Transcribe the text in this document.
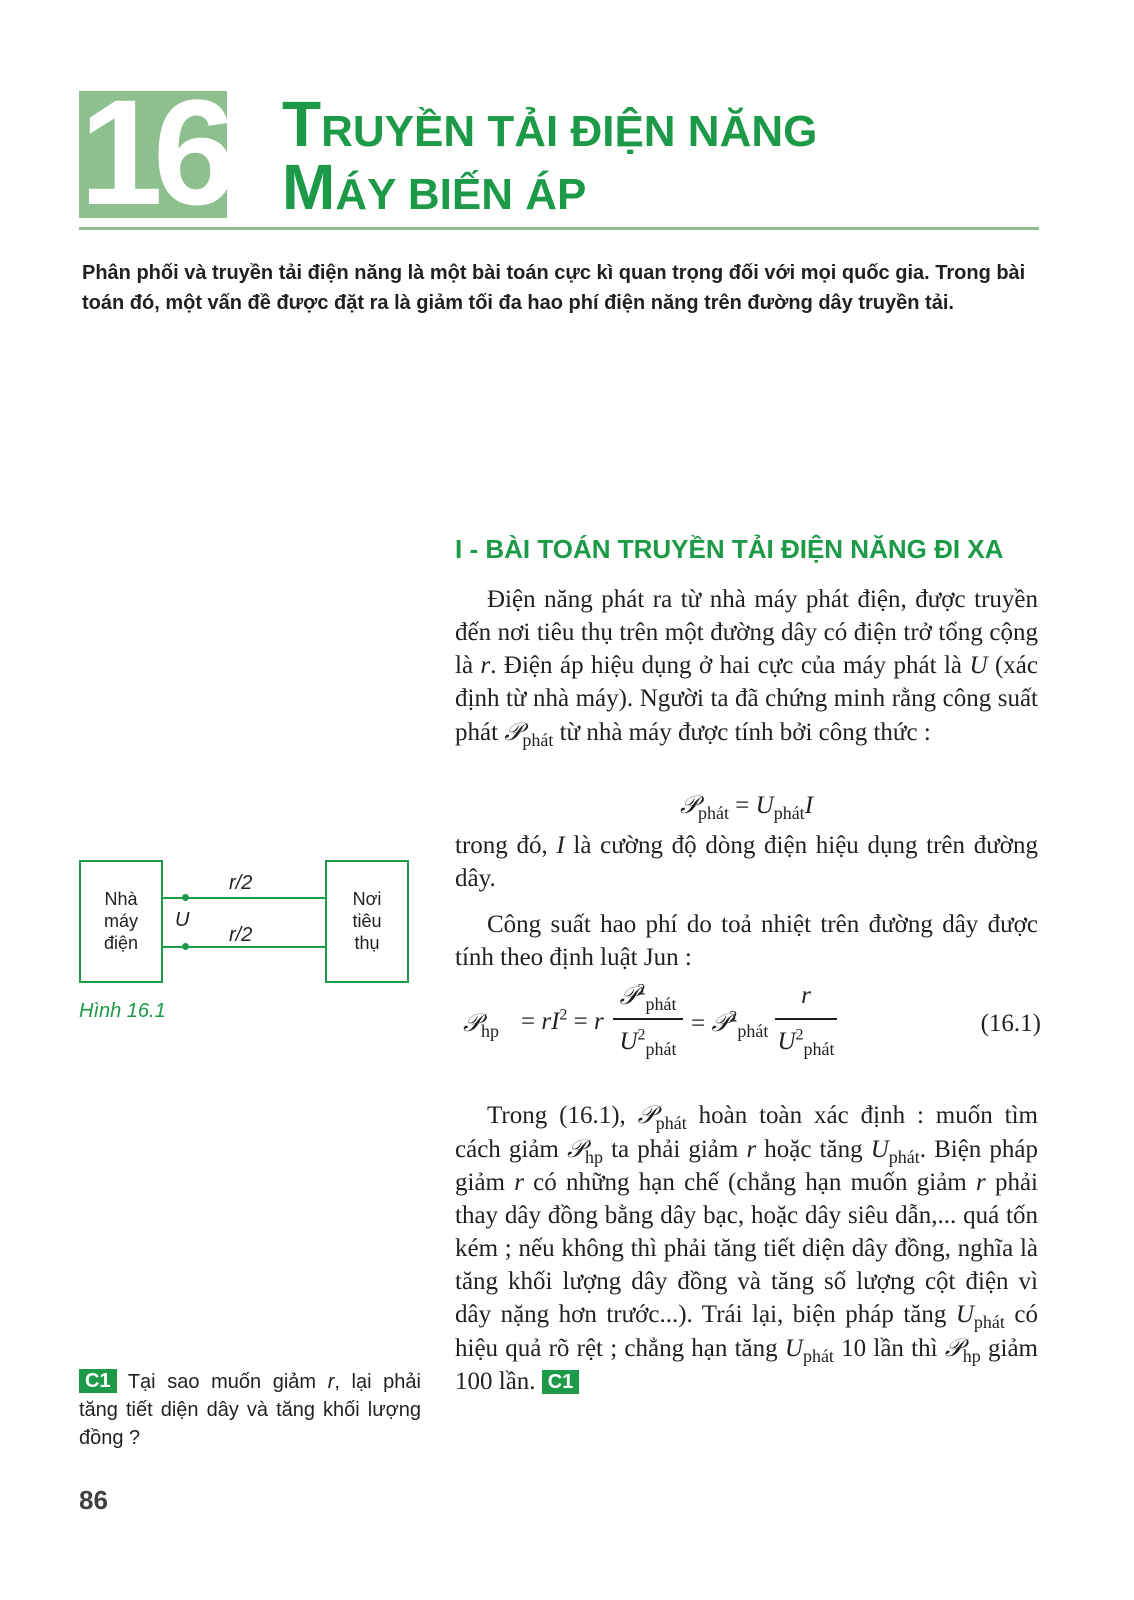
16 TRUYỀN TẢI ĐIỆN NĂNG
MÁY BIẾN ÁP

Phân phối và truyền tải điện năng là một bài toán cực kì quan trọng đối với mọi quốc gia. Trong bài toán đó, một vấn đề được đặt ra là giảm tối đa hao phí điện năng trên đường dây truyền tải.

I - BÀI TOÁN TRUYỀN TẢI ĐIỆN NĂNG ĐI XA

Điện năng phát ra từ nhà máy phát điện, được truyền đến nơi tiêu thụ trên một đường dây có điện trở tổng cộng là r. Điện áp hiệu dụng ở hai cực của máy phát là U (xác định từ nhà máy). Người ta đã chứng minh rằng công suất phát 𝒫$_{phát}$ từ nhà máy được tính bởi công thức :

𝒫$_{phát}$ = $U_{phát}I$

trong đó, I là cường độ dòng điện hiệu dụng trên đường dây.

Công suất hao phí do toả nhiệt trên đường dây được tính theo định luật Jun :

𝒫$_{hp}$ = $rI^2 = r$
𝒫$^2_{phát}$
$U^2_{phát}$
= 𝒫$^2_{phát}$
r
$U^2_{phát}$
(16.1)

Trong (16.1), 𝒫$_{phát}$ hoàn toàn xác định : muốn tìm cách giảm 𝒫$_{hp}$ ta phải giảm r hoặc tăng $U_{phát}$. Biện pháp giảm r có những hạn chế (chẳng hạn muốn giảm r phải thay dây đồng bằng dây bạc, hoặc dây siêu dẫn,... quá tốn kém ; nếu không thì phải tăng tiết diện dây đồng, nghĩa là tăng khối lượng dây đồng và tăng số lượng cột điện vì dây nặng hơn trước...). Trái lại, biện pháp tăng $U_{phát}$ có hiệu quả rõ rệt ; chẳng hạn tăng $U_{phát}$ 10 lần thì 𝒫$_{hp}$ giảm 100 lần. C1

Nhà
máy
điện
Nơi
tiêu
thụ
r/2
r/2
U
Hình 16.1

C1 Tại sao muốn giảm r, lại phải tăng tiết diện dây và tăng khối lượng đồng ?

86
